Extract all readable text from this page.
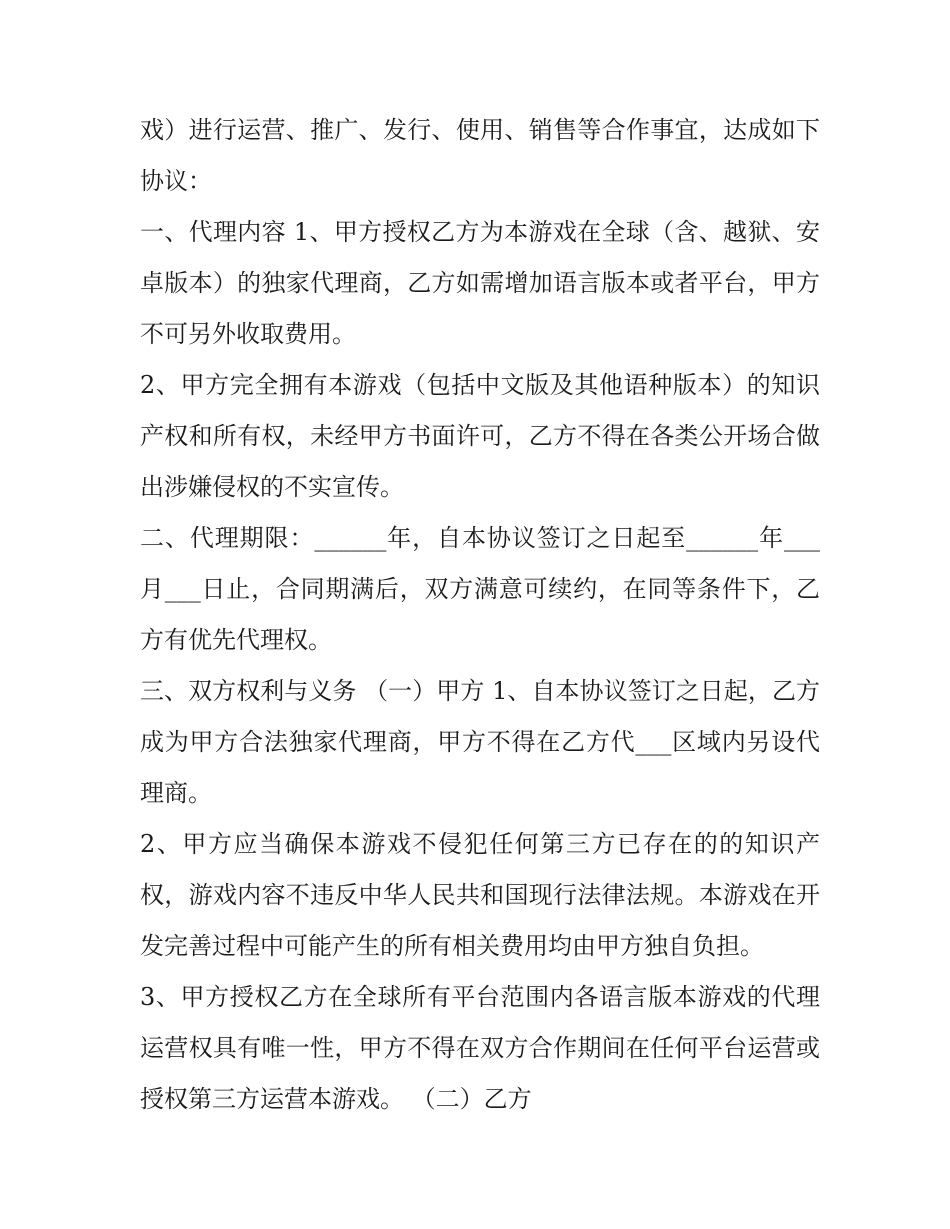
戏）进行运营、推广、发行、使用、销售等合作事宜，达成如下协议：

一、代理内容 1、甲方授权乙方为本游戏在全球（含、越狱、安卓版本）的独家代理商，乙方如需增加语言版本或者平台，甲方不可另外收取费用。

2、甲方完全拥有本游戏（包括中文版及其他语种版本）的知识产权和所有权，未经甲方书面许可，乙方不得在各类公开场合做出涉嫌侵权的不实宣传。

二、代理期限：______年，自本协议签订之日起至______年___月___日止，合同期满后，双方满意可续约，在同等条件下，乙方有优先代理权。

三、双方权利与义务 （一）甲方 1、自本协议签订之日起，乙方成为甲方合法独家代理商，甲方不得在乙方代___区域内另设代理商。

2、甲方应当确保本游戏不侵犯任何第三方已存在的的知识产权，游戏内容不违反中华人民共和国现行法律法规。本游戏在开发完善过程中可能产生的所有相关费用均由甲方独自负担。

3、甲方授权乙方在全球所有平台范围内各语言版本游戏的代理运营权具有唯一性，甲方不得在双方合作期间在任何平台运营或授权第三方运营本游戏。 （二）乙方
